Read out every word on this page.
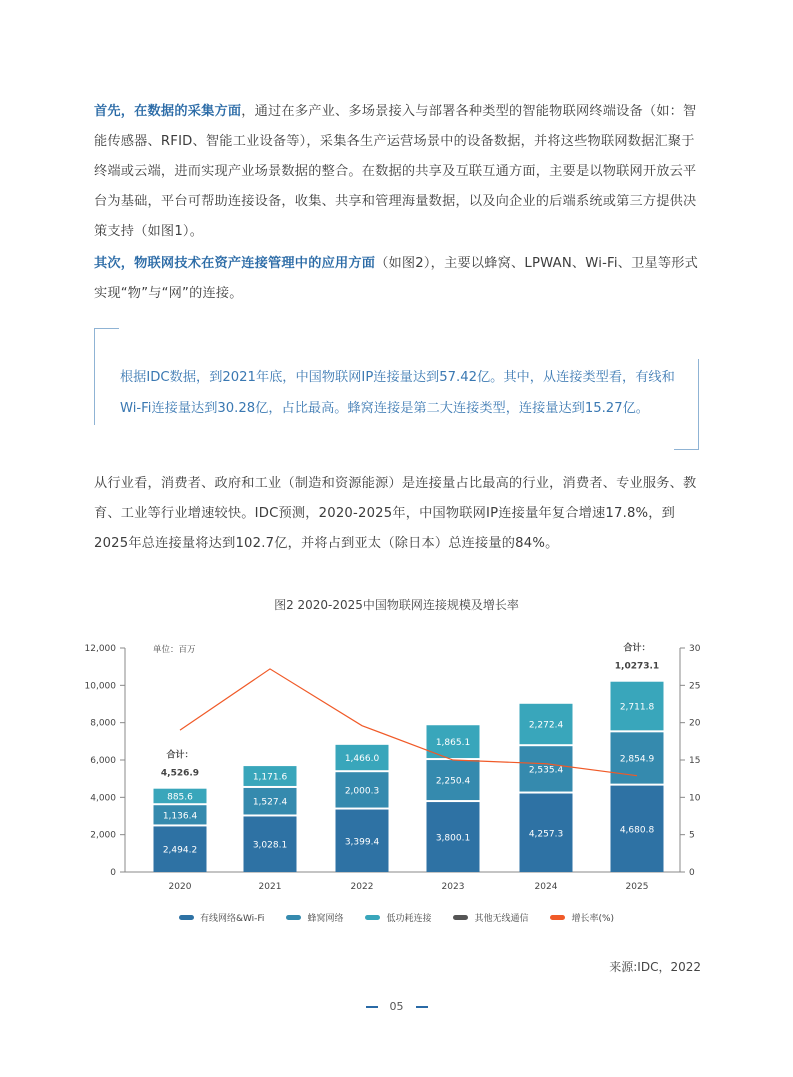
首先，在数据的采集方面，通过在多产业、多场景接入与部署各种类型的智能物联网终端设备（如：智能传感器、RFID、智能工业设备等），采集各生产运营场景中的设备数据，并将这些物联网数据汇聚于终端或云端，进而实现产业场景数据的整合。在数据的共享及互联互通方面，主要是以物联网开放云平台为基础，平台可帮助连接设备，收集、共享和管理海量数据，以及向企业的后端系统或第三方提供决策支持（如图1）。
其次，物联网技术在资产连接管理中的应用方面（如图2），主要以蜂窝、LPWAN、Wi-Fi、卫星等形式实现“物”与“网”的连接。
根据IDC数据，到2021年底，中国物联网IP连接量达到57.42亿。其中，从连接类型看，有线和Wi-Fi连接量达到30.28亿，占比最高。蜂窝连接是第二大连接类型，连接量达到15.27亿。
从行业看，消费者、政府和工业（制造和资源能源）是连接量占比最高的行业，消费者、专业服务、教育、工业等行业增速较快。IDC预测，2020-2025年，中国物联网IP连接量年复合增速17.8%，到2025年总连接量将达到102.7亿，并将占到亚太（除日本）总连接量的84%。
图2 2020-2025中国物联网连接规模及增长率
0
2,000
4,000
6,000
8,000
10,000
12,000
0
5
10
15
20
25
30
单位：百万
2,494.2
1,136.4
885.6
2020
3,028.1
1,527.4
1,171.6
2021
3,399.4
2,000.3
1,466.0
2022
3,800.1
2,250.4
1,865.1
2023
4,257.3
2,535.4
2,272.4
2024
4,680.8
2,854.9
2,711.8
2025
合计：
4,526.9
合计：
1,0273.1
有线网络&Wi-Fi	蜂窝网络	低功耗连接	其他无线通信	增长率(%)
来源:IDC，2022
05
